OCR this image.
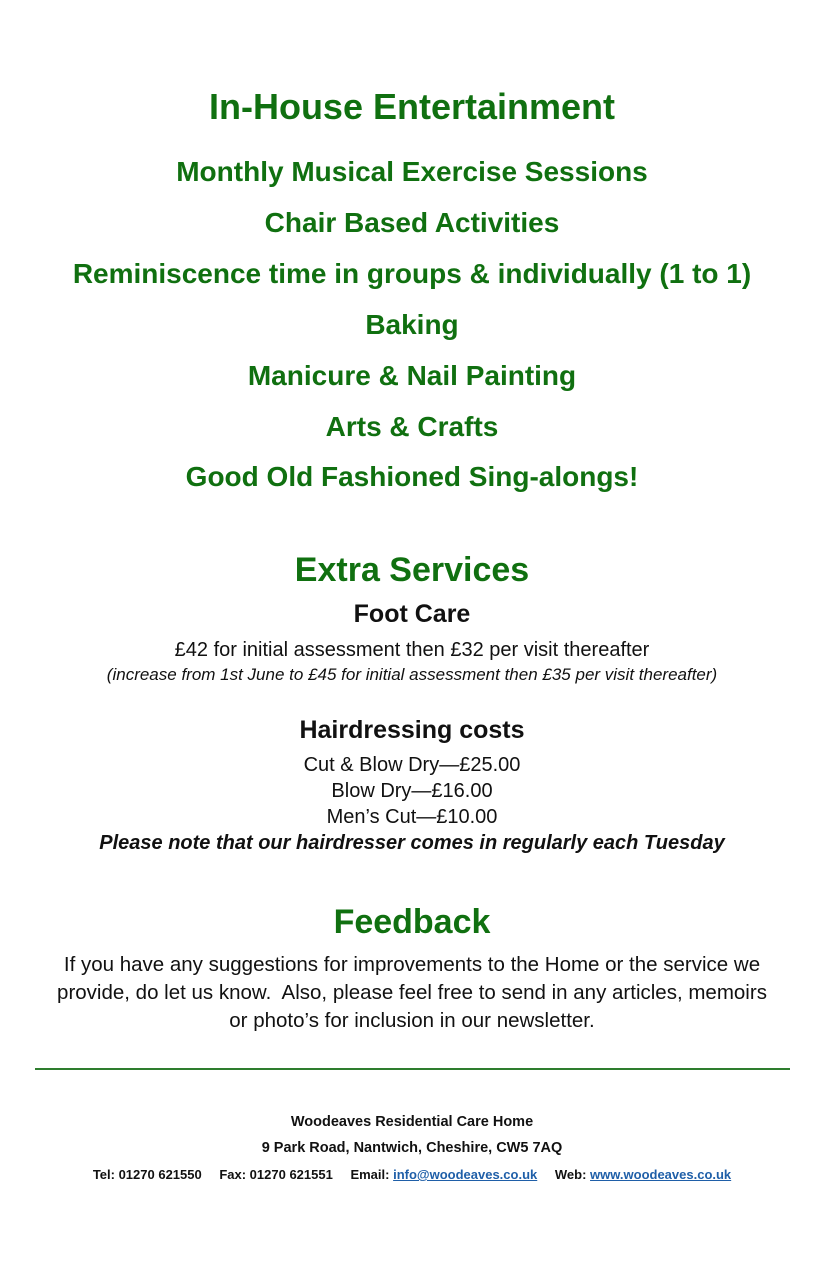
In-House Entertainment
Monthly Musical Exercise Sessions
Chair Based Activities
Reminiscence time in groups & individually (1 to 1)
Baking
Manicure & Nail Painting
Arts & Crafts
Good Old Fashioned Sing-alongs!
Extra Services
Foot Care
£42 for initial assessment then £32 per visit thereafter
(increase from 1st June to £45 for initial assessment then £35 per visit thereafter)
Hairdressing costs
Cut & Blow Dry—£25.00
Blow Dry—£16.00
Men’s Cut—£10.00
Please note that our hairdresser comes in regularly each Tuesday
Feedback
If you have any suggestions for improvements to the Home or the service we
provide, do let us know.  Also, please feel free to send in any articles, memoirs
or photo’s for inclusion in our newsletter.
Woodeaves Residential Care Home
9 Park Road, Nantwich, Cheshire, CW5 7AQ
Tel: 01270 621550 Fax: 01270 621551 Email: info@woodeaves.co.uk Web: www.woodeaves.co.uk
